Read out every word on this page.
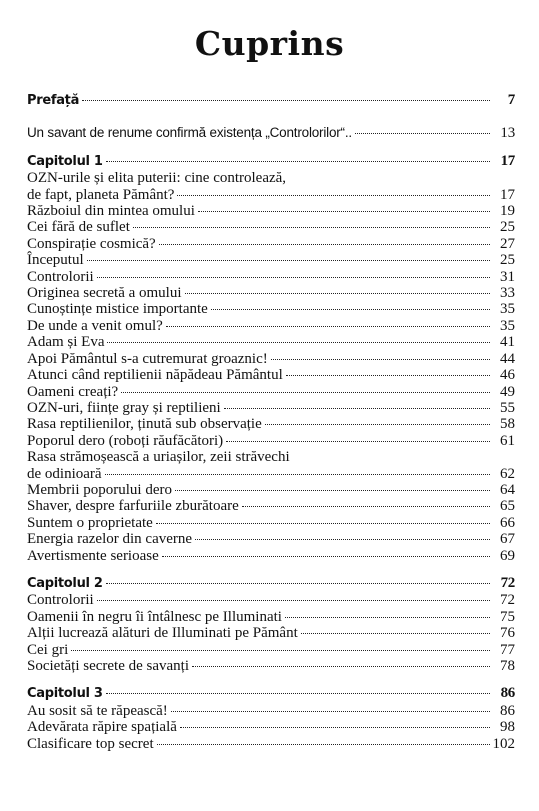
Cuprins
Prefață	7
Un savant de renume confirmă existența „Controlorilor“..	13
Capitolul 1	17
OZN-urile și elita puterii: cine controlează,
de fapt, planeta Pământ?	17
Războiul din mintea omului	19
Cei fără de suflet	25
Conspirație cosmică?	27
Începutul	25
Controlorii	31
Originea secretă a omului	33
Cunoștințe mistice importante	35
De unde a venit omul?	35
Adam și Eva	41
Apoi Pământul s-a cutremurat groaznic!	44
Atunci când reptilienii năpădeau Pământul	46
Oameni creați?	49
OZN-uri, ființe gray și reptilieni	55
Rasa reptilienilor, ținută sub observație	58
Poporul dero (roboți răufăcători)	61
Rasa strămoșească a uriașilor, zeii străvechi
de odinioară	62
Membrii poporului dero	64
Shaver, despre farfuriile zburătoare	65
Suntem o proprietate	66
Energia razelor din caverne	67
Avertismente serioase	69
Capitolul 2	72
Controlorii	72
Oamenii în negru îi întâlnesc pe Illuminati	75
Alții lucrează alături de Illuminati pe Pământ	76
Cei gri	77
Societăți secrete de savanți	78
Capitolul 3	86
Au sosit să te răpească!	86
Adevărata răpire spațială	98
Clasificare top secret	102
